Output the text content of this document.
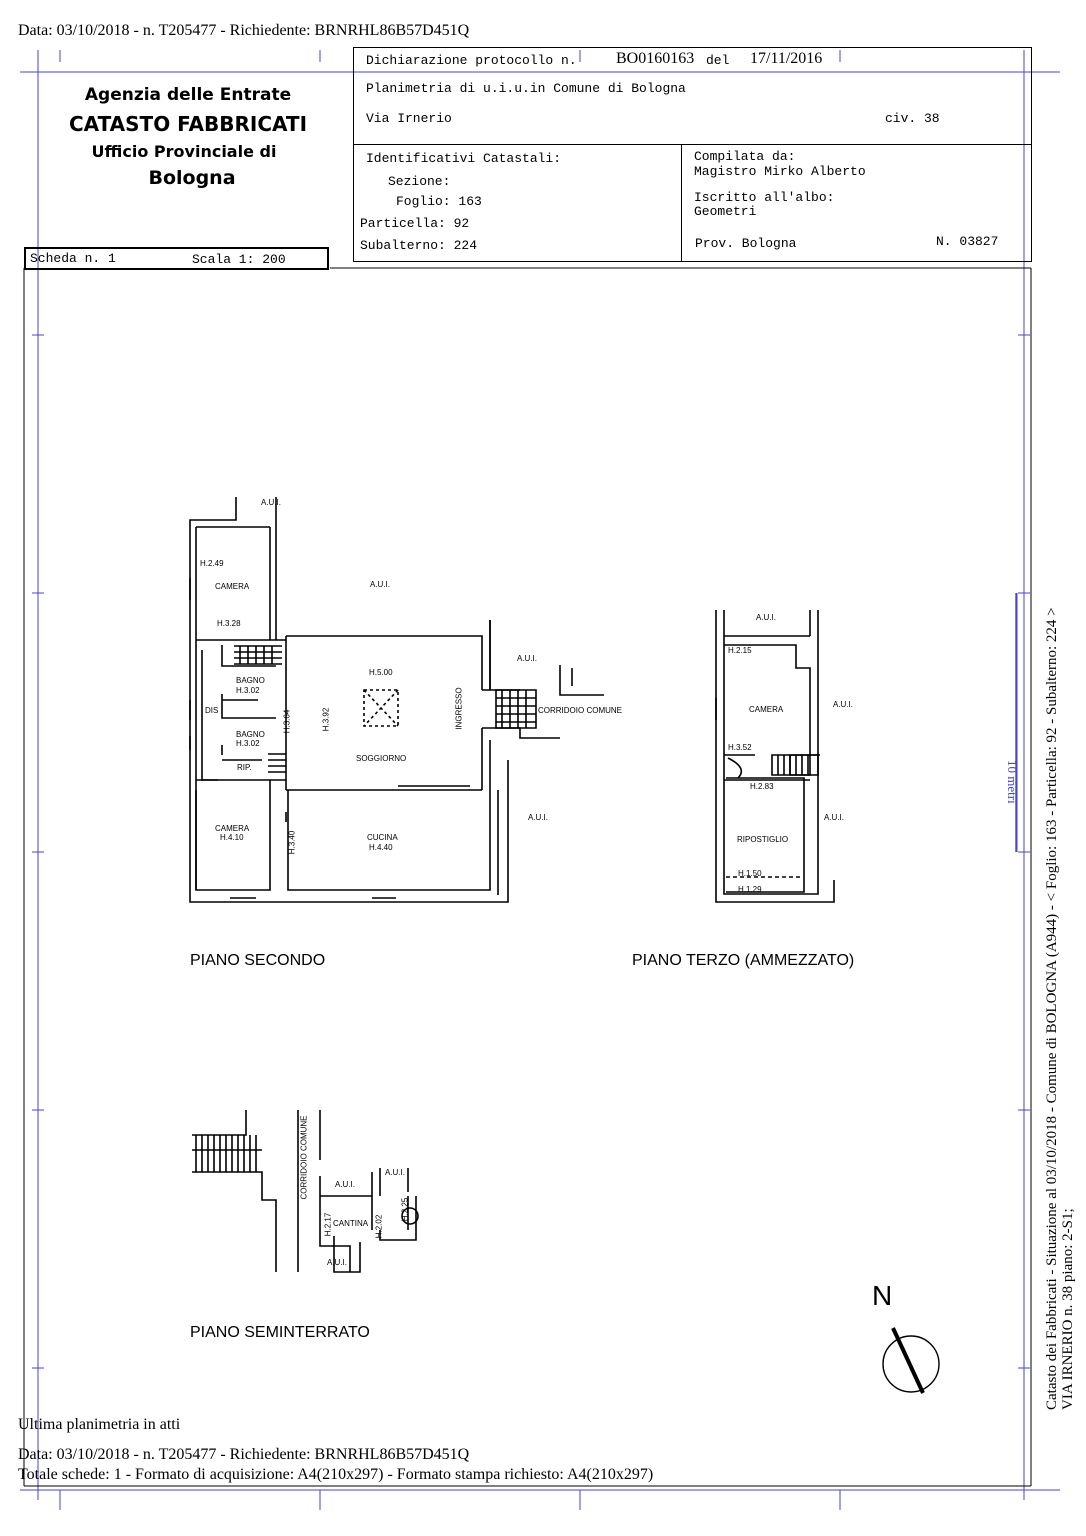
Data: 03/10/2018 - n. T205477 - Richiedente: BRNRHL86B57D451Q
Agenzia delle Entrate
CATASTO FABBRICATI
Ufficio Provinciale di
Bologna
Dichiarazione protocollo n. BO0160163 del 17/11/2016
Planimetria di u.i.u.in Comune di Bologna
Via Irnerio	civ. 38
Identificativi Catastali:
Sezione:
Foglio: 163
Particella: 92
Subalterno: 224
Compilata da:
Magistro Mirko Alberto
Iscritto all'albo:
Geometri
Prov. Bologna	N. 03827
Scheda n. 1	Scala 1: 200
A.U.I.
A.U.I.
A.U.I.
A.U.I.
H.2.49
CAMERA
H.3.28
BAGNO
H.3.02
DIS
BAGNO
H.3.02
RIP.
H.3.64	H.3.92
H.5.00
SOGGIORNO
INGRESSO	CORRIDOIO COMUNE
CAMERA
H.4.10	H.3.40	CUCINA
H.4.40
A.U.I.
H.2.15
CAMERA
A.U.I.
H.3.52
H.2.83
A.U.I.
RIPOSTIGLIO
H.1.50
H.1.29
CORRIDOIO COMUNE	A.U.I.
A.U.I.
H.2.17 CANTINA H.2.02
H.2.25
A.U.I.
PIANO SECONDO	PIANO TERZO (AMMEZZATO)
PIANO SEMINTERRATO
N	Catasto dei Fabbricati - Situazione al 03/10/2018 - Comune di BOLOGNA (A944) - < Foglio: 163 - Particella: 92 - Subalterno: 224 > VIA IRNERIO n. 38 piano: 2-S1;
10 metri
Ultima planimetria in atti
Data: 03/10/2018 - n. T205477 - Richiedente: BRNRHL86B57D451Q
Totale schede: 1 - Formato di acquisizione: A4(210x297) - Formato stampa richiesto: A4(210x297)
